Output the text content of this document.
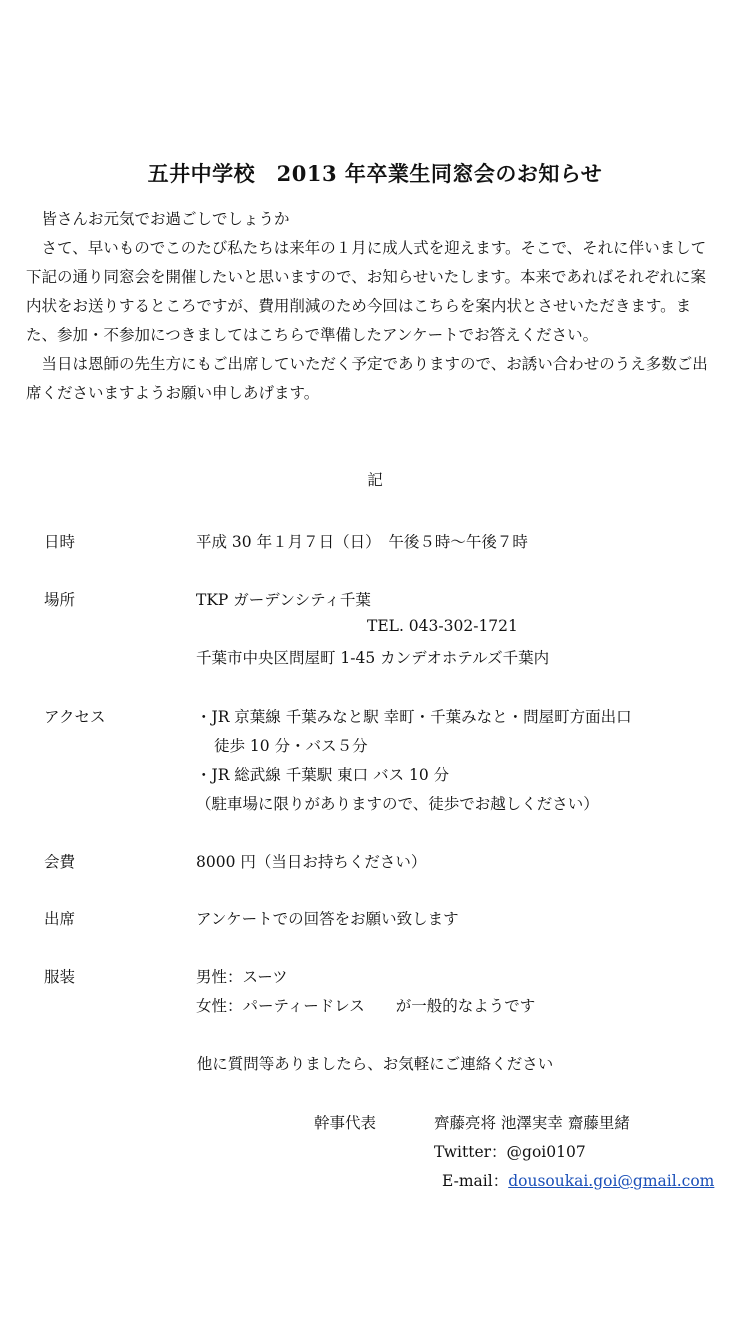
五井中学校　2013 年卒業生同窓会のお知らせ

皆さんお元気でお過ごしでしょうか

さて、早いものでこのたび私たちは来年の１月に成人式を迎えます。そこで、それに伴いまして下記の通り同窓会を開催したいと思いますので、お知らせいたします。本来であればそれぞれに案内状をお送りするところですが、費用削減のため今回はこちらを案内状とさせいただきます。また、参加・不参加につきましてはこちらで準備したアンケートでお答えください。

当日は恩師の先生方にもご出席していただく予定でありますので、お誘い合わせのうえ多数ご出席くださいますようお願い申しあげます。

記
日時	平成 30 年１月７日（日）　午後５時〜午後７時
場所	TKP ガーデンシティ千葉
TEL. 043-302-1721
千葉市中央区問屋町 1-45 カンデオホテルズ千葉内
アクセス	・JR 京葉線 千葉みなと駅 幸町・千葉みなと・問屋町方面出口
徒歩 10 分・バス５分
・JR 総武線 千葉駅 東口 バス 10 分
（駐車場に限りがありますので、徒歩でお越しください）
会費	8000 円（当日お持ちください）
出席	アンケートでの回答をお願い致します
服装	男性：スーツ
女性：パーティードレス　　が一般的なようです
他に質問等ありましたら、お気軽にご連絡ください
幹事代表	齊藤亮将 池澤実幸 齋藤里緒
Twitter：@goi0107
E-mail：dousoukai.goi@gmail.com
